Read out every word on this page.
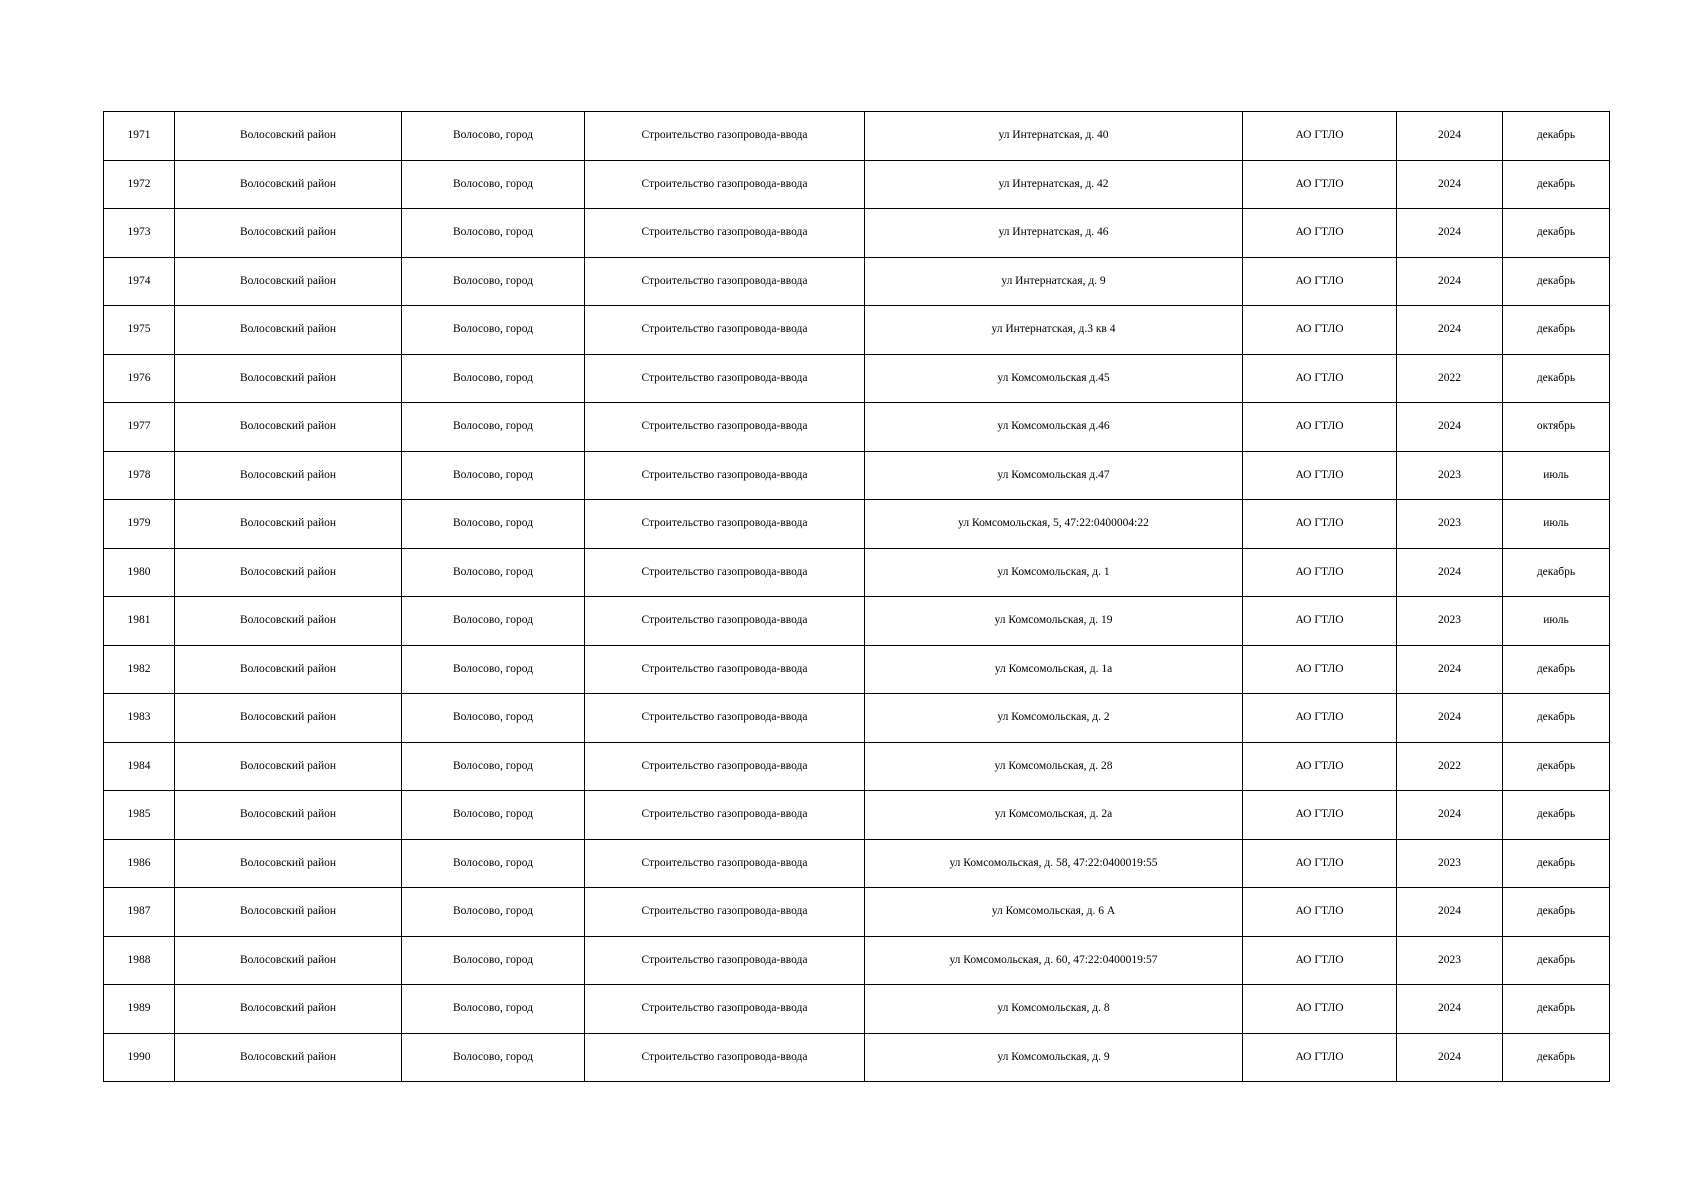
1971	Волосовский район	Волосово, город	Строительство газопровода-ввода	ул Интернатская, д. 40	АО ГТЛО	2024	декабрь
1972	Волосовский район	Волосово, город	Строительство газопровода-ввода	ул Интернатская, д. 42	АО ГТЛО	2024	декабрь
1973	Волосовский район	Волосово, город	Строительство газопровода-ввода	ул Интернатская, д. 46	АО ГТЛО	2024	декабрь
1974	Волосовский район	Волосово, город	Строительство газопровода-ввода	ул Интернатская, д. 9	АО ГТЛО	2024	декабрь
1975	Волосовский район	Волосово, город	Строительство газопровода-ввода	ул Интернатская, д.3 кв 4	АО ГТЛО	2024	декабрь
1976	Волосовский район	Волосово, город	Строительство газопровода-ввода	ул Комсомольская д.45	АО ГТЛО	2022	декабрь
1977	Волосовский район	Волосово, город	Строительство газопровода-ввода	ул Комсомольская д.46	АО ГТЛО	2024	октябрь
1978	Волосовский район	Волосово, город	Строительство газопровода-ввода	ул Комсомольская д.47	АО ГТЛО	2023	июль
1979	Волосовский район	Волосово, город	Строительство газопровода-ввода	ул Комсомольская, 5, 47:22:0400004:22	АО ГТЛО	2023	июль
1980	Волосовский район	Волосово, город	Строительство газопровода-ввода	ул Комсомольская, д. 1	АО ГТЛО	2024	декабрь
1981	Волосовский район	Волосово, город	Строительство газопровода-ввода	ул Комсомольская, д. 19	АО ГТЛО	2023	июль
1982	Волосовский район	Волосово, город	Строительство газопровода-ввода	ул Комсомольская, д. 1а	АО ГТЛО	2024	декабрь
1983	Волосовский район	Волосово, город	Строительство газопровода-ввода	ул Комсомольская, д. 2	АО ГТЛО	2024	декабрь
1984	Волосовский район	Волосово, город	Строительство газопровода-ввода	ул Комсомольская, д. 28	АО ГТЛО	2022	декабрь
1985	Волосовский район	Волосово, город	Строительство газопровода-ввода	ул Комсомольская, д. 2а	АО ГТЛО	2024	декабрь
1986	Волосовский район	Волосово, город	Строительство газопровода-ввода	ул Комсомольская, д. 58, 47:22:0400019:55	АО ГТЛО	2023	декабрь
1987	Волосовский район	Волосово, город	Строительство газопровода-ввода	ул Комсомольская, д. 6 А	АО ГТЛО	2024	декабрь
1988	Волосовский район	Волосово, город	Строительство газопровода-ввода	ул Комсомольская, д. 60, 47:22:0400019:57	АО ГТЛО	2023	декабрь
1989	Волосовский район	Волосово, город	Строительство газопровода-ввода	ул Комсомольская, д. 8	АО ГТЛО	2024	декабрь
1990	Волосовский район	Волосово, город	Строительство газопровода-ввода	ул Комсомольская, д. 9	АО ГТЛО	2024	декабрь
